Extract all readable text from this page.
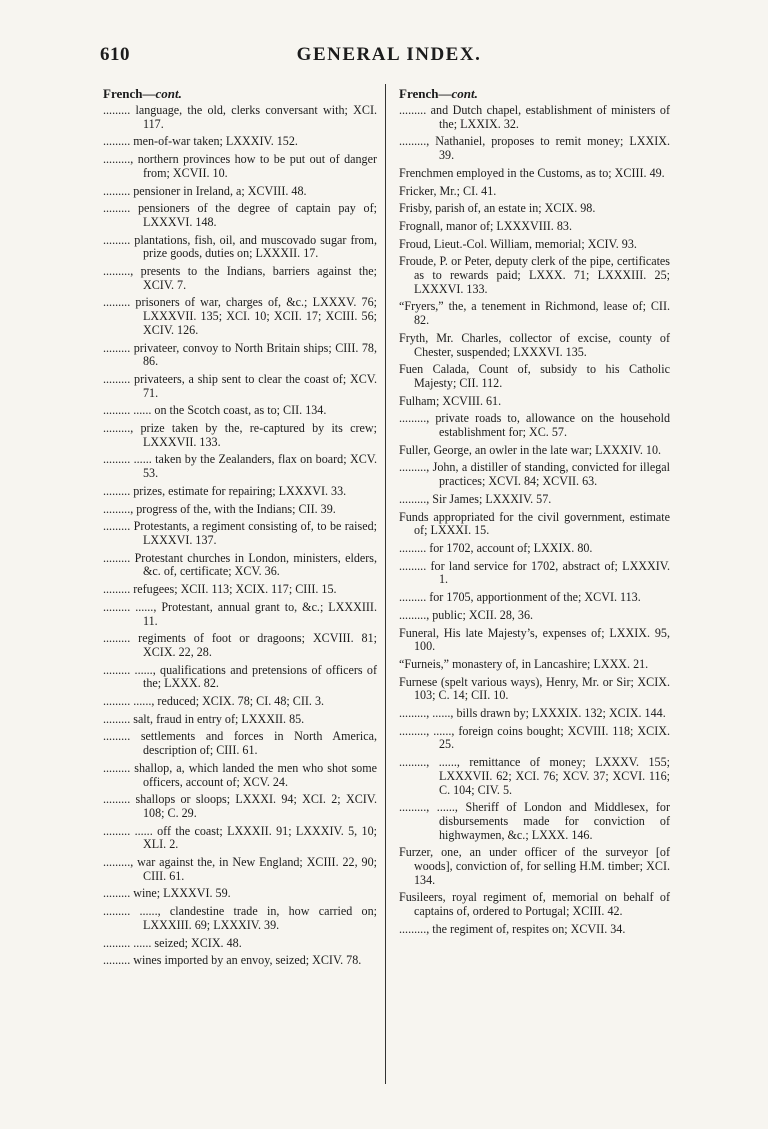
610	GENERAL INDEX.
French—cont.
......... language, the old, clerks conversant with; XCI. 117.
......... men-of-war taken; LXXXIV. 152.
........., northern provinces how to be put out of danger from; XCVII. 10.
......... pensioner in Ireland, a; XCVIII. 48.
......... pensioners of the degree of captain pay of; LXXXVI. 148.
......... plantations, fish, oil, and muscovado sugar from, prize goods, duties on; LXXXII. 17.
........., presents to the Indians, barriers against the; XCIV. 7.
......... prisoners of war, charges of, &c.; LXXXV. 76; LXXXVII. 135; XCI. 10; XCII. 17; XCIII. 56; XCIV. 126.
......... privateer, convoy to North Britain ships; CIII. 78, 86.
......... privateers, a ship sent to clear the coast of; XCV. 71.
......... ...... on the Scotch coast, as to; CII. 134.
........., prize taken by the, re-captured by its crew; LXXXVII. 133.
......... ...... taken by the Zealanders, flax on board; XCV. 53.
......... prizes, estimate for repairing; LXXXVI. 33.
........., progress of the, with the Indians; CII. 39.
......... Protestants, a regiment consisting of, to be raised; LXXXVI. 137.
......... Protestant churches in London, ministers, elders, &c. of, certificate; XCV. 36.
......... refugees; XCII. 113; XCIX. 117; CIII. 15.
......... ......, Protestant, annual grant to, &c.; LXXXIII. 11.
......... regiments of foot or dragoons; XCVIII. 81; XCIX. 22, 28.
......... ......, qualifications and pretensions of officers of the; LXXX. 82.
......... ......, reduced; XCIX. 78; CI. 48; CII. 3.
......... salt, fraud in entry of; LXXXII. 85.
......... settlements and forces in North America, description of; CIII. 61.
......... shallop, a, which landed the men who shot some officers, account of; XCV. 24.
......... shallops or sloops; LXXXI. 94; XCI. 2; XCIV. 108; C. 29.
......... ...... off the coast; LXXXII. 91; LXXXIV. 5, 10; XLI. 2.
........., war against the, in New England; XCIII. 22, 90; CIII. 61.
......... wine; LXXXVI. 59.
......... ......, clandestine trade in, how carried on; LXXXIII. 69; LXXXIV. 39.
......... ...... seized; XCIX. 48.
......... wines imported by an envoy, seized; XCIV. 78.
French—cont.
......... and Dutch chapel, establishment of ministers of the; LXXIX. 32.
........., Nathaniel, proposes to remit money; LXXIX. 39.
Frenchmen employed in the Customs, as to; XCIII. 49.
Fricker, Mr.; CI. 41.
Frisby, parish of, an estate in; XCIX. 98.
Frognall, manor of; LXXXVIII. 83.
Froud, Lieut.-Col. William, memorial; XCIV. 93.
Froude, P. or Peter, deputy clerk of the pipe, certificates as to rewards paid; LXXX. 71; LXXXIII. 25; LXXXVI. 133.
“Fryers,” the, a tenement in Richmond, lease of; CII. 82.
Fryth, Mr. Charles, collector of excise, county of Chester, suspended; LXXXVI. 135.
Fuen Calada, Count of, subsidy to his Catholic Majesty; CII. 112.
Fulham; XCVIII. 61.
........., private roads to, allowance on the household establishment for; XC. 57.
Fuller, George, an owler in the late war; LXXXIV. 10.
........., John, a distiller of standing, convicted for illegal practices; XCVI. 84; XCVII. 63.
........., Sir James; LXXXIV. 57.
Funds appropriated for the civil government, estimate of; LXXXI. 15.
......... for 1702, account of; LXXIX. 80.
......... for land service for 1702, abstract of; LXXXIV. 1.
......... for 1705, apportionment of the; XCVI. 113.
........., public; XCII. 28, 36.
Funeral, His late Majesty’s, expenses of; LXXIX. 95, 100.
“Furneis,” monastery of, in Lancashire; LXXX. 21.
Furnese (spelt various ways), Henry, Mr. or Sir; XCIX. 103; C. 14; CII. 10.
........., ......, bills drawn by; LXXXIX. 132; XCIX. 144.
........., ......, foreign coins bought; XCVIII. 118; XCIX. 25.
........., ......, remittance of money; LXXXV. 155; LXXXVII. 62; XCI. 76; XCV. 37; XCVI. 116; C. 104; CIV. 5.
........., ......, Sheriff of London and Middlesex, for disbursements made for conviction of highwaymen, &c.; LXXX. 146.
Furzer, one, an under officer of the surveyor [of woods], conviction of, for selling H.M. timber; XCI. 134.
Fusileers, royal regiment of, memorial on behalf of captains of, ordered to Portugal; XCIII. 42.
........., the regiment of, respites on; XCVII. 34.
